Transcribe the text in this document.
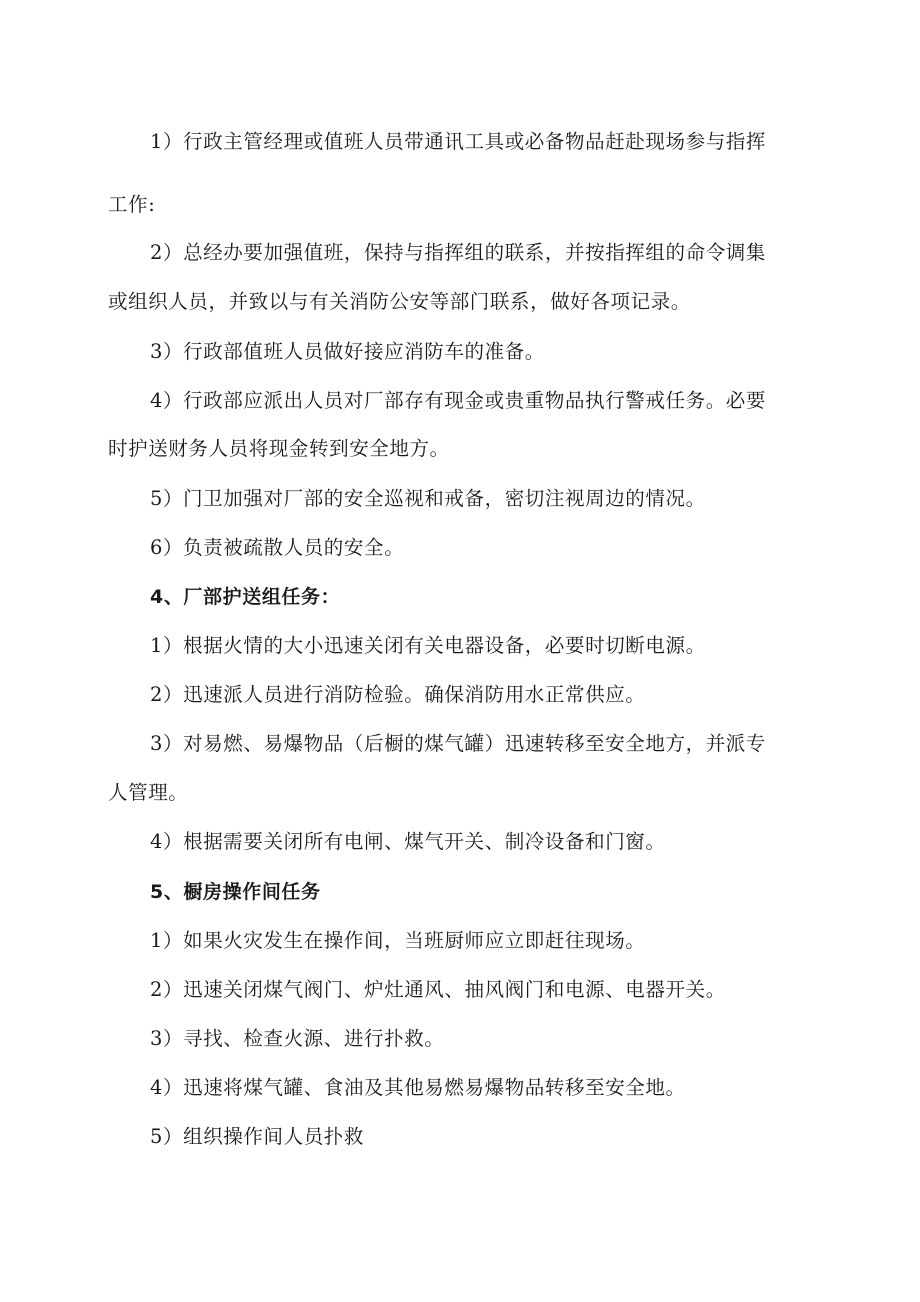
1）行政主管经理或值班人员带通讯工具或必备物品赶赴现场参与指挥
工作:
2）总经办要加强值班，保持与指挥组的联系，并按指挥组的命令调集
或组织人员，并致以与有关消防公安等部门联系，做好各项记录。
3）行政部值班人员做好接应消防车的准备。
4）行政部应派出人员对厂部存有现金或贵重物品执行警戒任务。必要
时护送财务人员将现金转到安全地方。
5）门卫加强对厂部的安全巡视和戒备，密切注视周边的情况。
6）负责被疏散人员的安全。
4、厂部护送组任务：
1）根据火情的大小迅速关闭有关电器设备，必要时切断电源。
2）迅速派人员进行消防检验。确保消防用水正常供应。
3）对易燃、易爆物品（后橱的煤气罐）迅速转移至安全地方，并派专
人管理。
4）根据需要关闭所有电闸、煤气开关、制冷设备和门窗。
5、橱房操作间任务
1）如果火灾发生在操作间，当班厨师应立即赶往现场。
2）迅速关闭煤气阀门、炉灶通风、抽风阀门和电源、电器开关。
3）寻找、检查火源、进行扑救。
4）迅速将煤气罐、食油及其他易燃易爆物品转移至安全地。
5）组织操作间人员扑救
